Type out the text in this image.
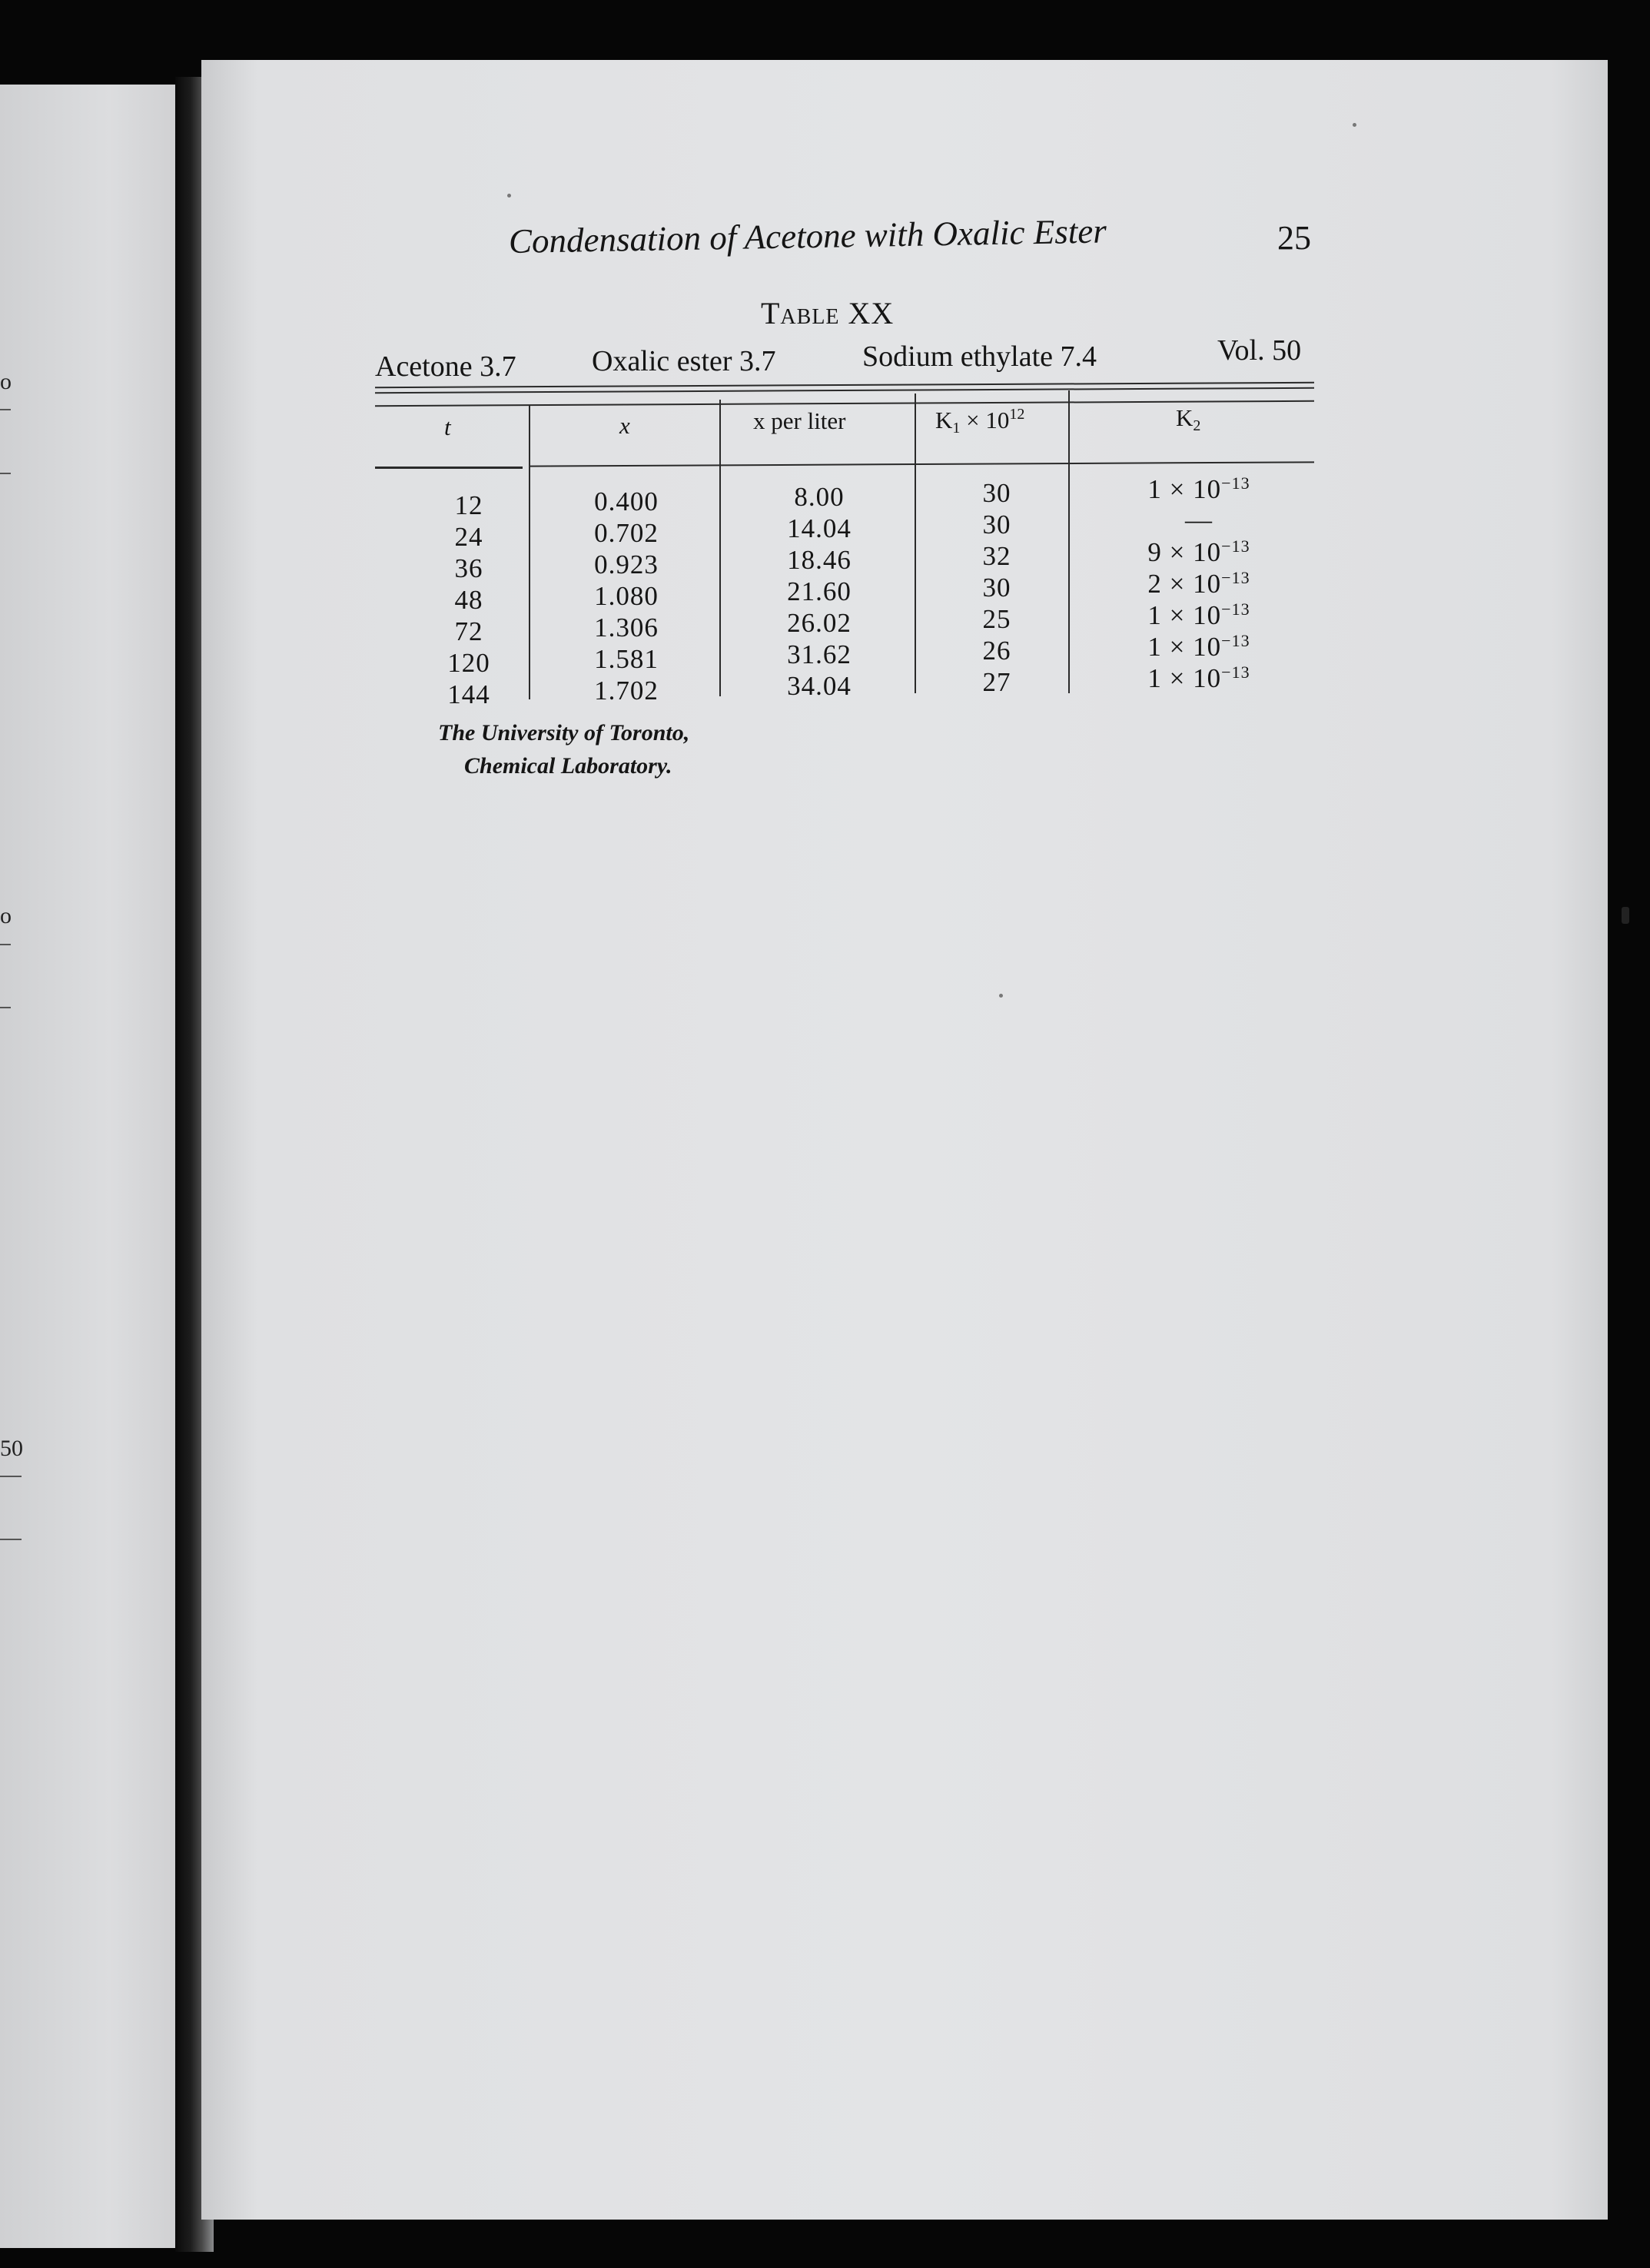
o
o
50
Condensation of Acetone with Oxalic Ester	25
Table XX
Acetone 3.7	Oxalic ester 3.7	Sodium ethylate 7.4	Vol. 50
t	x	x per liter	$K1 \times 10^{12}$	K2
12	0.400	8.00	30	$1 \times 10^{-13}$
24	0.702	14.04	30	—
36	0.923	18.46	32	$9 \times 10^{-13}$
48	1.080	21.60	30	$2 \times 10^{-13}$
72	1.306	26.02	25	$1 \times 10^{-13}$
120	1.581	31.62	26	$1 \times 10^{-13}$
144	1.702	34.04	27	$1 \times 10^{-13}$
The University of Toronto,
Chemical Laboratory.
